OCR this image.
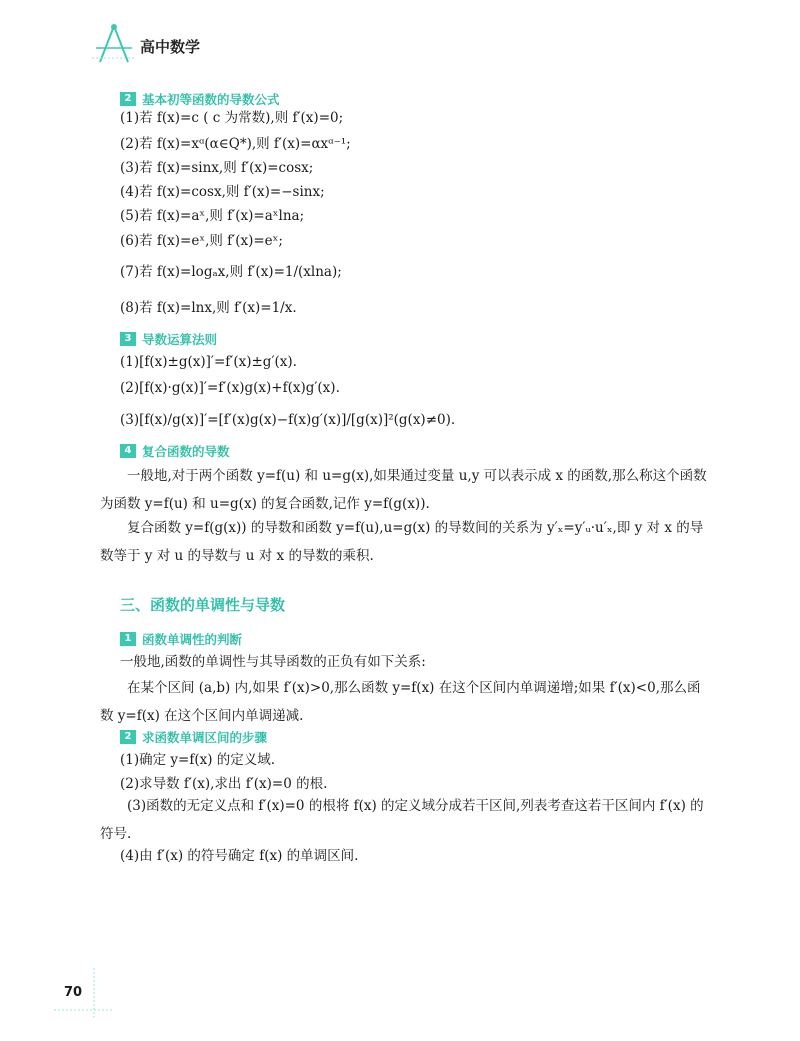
高中数学
2 基本初等函数的导数公式
(1)若 f(x)=c ( c 为常数),则 f′(x)=0;
(2)若 f(x)=xᵅ(α∈Q*),则 f′(x)=αxᵅ⁻¹;
(3)若 f(x)=sinx,则 f′(x)=cosx;
(4)若 f(x)=cosx,则 f′(x)=−sinx;
(5)若 f(x)=aˣ,则 f′(x)=aˣlna;
(6)若 f(x)=eˣ,则 f′(x)=eˣ;
(7)若 f(x)=logₐx,则 f′(x)=1/(xlna);
(8)若 f(x)=lnx,则 f′(x)=1/x.
3 导数运算法则
(1)[f(x)±g(x)]′=f′(x)±g′(x).
(2)[f(x)·g(x)]′=f′(x)g(x)+f(x)g′(x).
(3)[f(x)/g(x)]′=[f′(x)g(x)−f(x)g′(x)]/[g(x)]²(g(x)≠0).
4 复合函数的导数
一般地,对于两个函数 y=f(u) 和 u=g(x),如果通过变量 u,y 可以表示成 x 的函数,那么称这个函数为函数 y=f(u) 和 u=g(x) 的复合函数,记作 y=f(g(x)).
复合函数 y=f(g(x)) 的导数和函数 y=f(u),u=g(x) 的导数间的关系为 y′ₓ=y′ᵤ·u′ₓ,即 y 对 x 的导数等于 y 对 u 的导数与 u 对 x 的导数的乘积.
三、函数的单调性与导数
1 函数单调性的判断
一般地,函数的单调性与其导函数的正负有如下关系:
在某个区间 (a,b) 内,如果 f′(x)>0,那么函数 y=f(x) 在这个区间内单调递增;如果 f′(x)<0,那么函数 y=f(x) 在这个区间内单调递减.
2 求函数单调区间的步骤
(1)确定 y=f(x) 的定义域.
(2)求导数 f′(x),求出 f′(x)=0 的根.
(3)函数的无定义点和 f′(x)=0 的根将 f(x) 的定义域分成若干区间,列表考查这若干区间内 f′(x) 的符号.
(4)由 f′(x) 的符号确定 f(x) 的单调区间.
70
